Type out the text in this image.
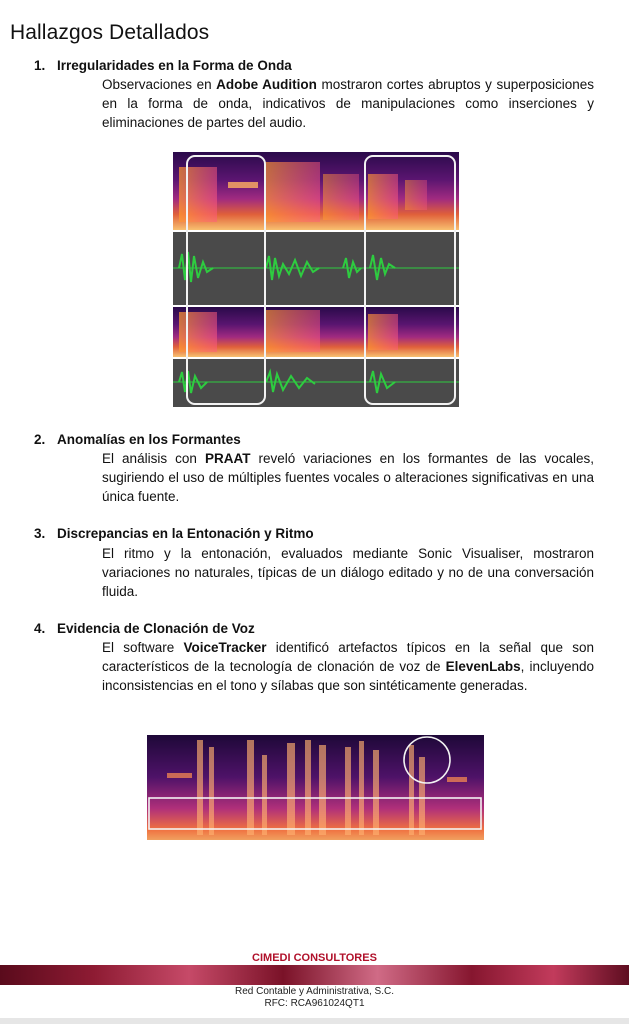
Hallazgos Detallados
1. Irregularidades en la Forma de Onda

Observaciones en Adobe Audition mostraron cortes abruptos y superposiciones en la forma de onda, indicativos de manipulaciones como inserciones y eliminaciones de partes del audio.

2. Anomalías en los Formantes

El análisis con PRAAT reveló variaciones en los formantes de las vocales, sugiriendo el uso de múltiples fuentes vocales o alteraciones significativas en una única fuente.

3. Discrepancias en la Entonación y Ritmo

El ritmo y la entonación, evaluados mediante Sonic Visualiser, mostraron variaciones no naturales, típicas de un diálogo editado y no de una conversación fluida.

4. Evidencia de Clonación de Voz

El software VoiceTracker identificó artefactos típicos en la señal que son característicos de la tecnología de clonación de voz de ElevenLabs, incluyendo inconsistencias en el tono y sílabas que son sintéticamente generadas.

CIMEDI CONSULTORES
Red Contable y Administrativa, S.C.
RFC: RCA961024QT1
